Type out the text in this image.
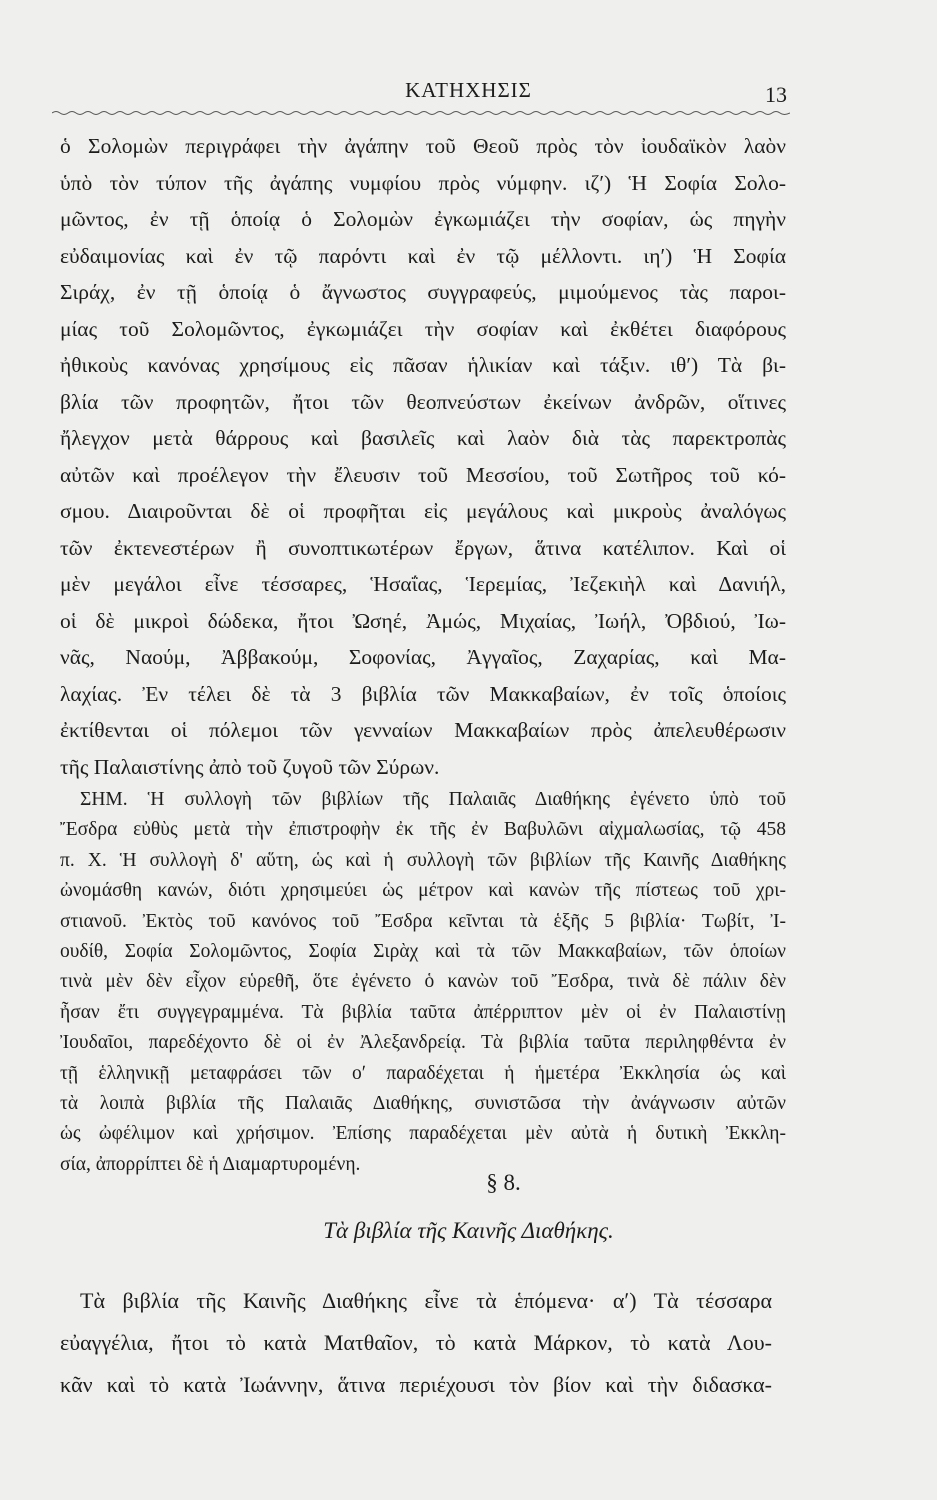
ΚΑΤΗΧΗΣΙΣ	13
ὁ Σολομὼν περιγράφει τὴν ἀγάπην τοῦ Θεοῦ πρὸς τὸν ἰουδαϊκὸν λαὸν
ὑπὸ τὸν τύπον τῆς ἀγάπης νυμφίου πρὸς νύμφην. ιζʹ) Ἡ Σοφία Σολο-
μῶντος, ἐν τῇ ὁποίᾳ ὁ Σολομὼν ἐγκωμιάζει τὴν σοφίαν, ὡς πηγὴν
εὐδαιμονίας καὶ ἐν τῷ παρόντι καὶ ἐν τῷ μέλλοντι. ιηʹ) Ἡ Σοφία
Σιράχ, ἐν τῇ ὁποίᾳ ὁ ἄγνωστος συγγραφεύς, μιμούμενος τὰς παροι-
μίας τοῦ Σολομῶντος, ἐγκωμιάζει τὴν σοφίαν καὶ ἐκθέτει διαφόρους
ἠθικοὺς κανόνας χρησίμους εἰς πᾶσαν ἡλικίαν καὶ τάξιν. ιθʹ) Τὰ βι-
βλία τῶν προφητῶν, ἤτοι τῶν θεοπνεύστων ἐκείνων ἀνδρῶν, οἵτινες
ἤλεγχον μετὰ θάρρους καὶ βασιλεῖς καὶ λαὸν διὰ τὰς παρεκτροπὰς
αὐτῶν καὶ προέλεγον τὴν ἔλευσιν τοῦ Μεσσίου, τοῦ Σωτῆρος τοῦ κό-
σμου. Διαιροῦνται δὲ οἱ προφῆται εἰς μεγάλους καὶ μικροὺς ἀναλόγως
τῶν ἐκτενεστέρων ἢ συνοπτικωτέρων ἔργων, ἅτινα κατέλιπον. Καὶ οἱ
μὲν μεγάλοι εἶνε τέσσαρες, Ἡσαΐας, Ἱερεμίας, Ἰεζεκιὴλ καὶ Δανιήλ,
οἱ δὲ μικροὶ δώδεκα, ἤτοι Ὠσηέ, Ἀμώς, Μιχαίας, Ἰωήλ, Ὀβδιού, Ἰω-
νᾶς, Ναούμ, Ἀββακούμ, Σοφονίας, Ἀγγαῖος, Ζαχαρίας, καὶ Μα-
λαχίας. Ἐν τέλει δὲ τὰ 3 βιβλία τῶν Μακκαβαίων, ἐν τοῖς ὁποίοις
ἐκτίθενται οἱ πόλεμοι τῶν γενναίων Μακκαβαίων πρὸς ἀπελευθέρωσιν
τῆς Παλαιστίνης ἀπὸ τοῦ ζυγοῦ τῶν Σύρων.
ΣΗΜ. Ἡ συλλογὴ τῶν βιβλίων τῆς Παλαιᾶς Διαθήκης ἐγένετο ὑπὸ τοῦ
Ἔσδρα εὐθὺς μετὰ τὴν ἐπιστροφὴν ἐκ τῆς ἐν Βαβυλῶνι αἰχμαλωσίας, τῷ 458
π. Χ. Ἡ συλλογὴ δ' αὕτη, ὡς καὶ ἡ συλλογὴ τῶν βιβλίων τῆς Καινῆς Διαθήκης
ὠνομάσθη κανών, διότι χρησιμεύει ὡς μέτρον καὶ κανὼν τῆς πίστεως τοῦ χρι-
στιανοῦ. Ἐκτὸς τοῦ κανόνος τοῦ Ἔσδρα κεῖνται τὰ ἑξῆς 5 βιβλία· Τωβίτ, Ἰ-
ουδίθ, Σοφία Σολομῶντος, Σοφία Σιρὰχ καὶ τὰ τῶν Μακκαβαίων, τῶν ὁποίων
τινὰ μὲν δὲν εἶχον εὑρεθῆ, ὅτε ἐγένετο ὁ κανὼν τοῦ Ἔσδρα, τινὰ δὲ πάλιν δὲν
ἦσαν ἔτι συγγεγραμμένα. Τὰ βιβλία ταῦτα ἀπέρριπτον μὲν οἱ ἐν Παλαιστίνῃ
Ἰουδαῖοι, παρεδέχοντο δὲ οἱ ἐν Ἀλεξανδρείᾳ. Τὰ βιβλία ταῦτα περιληφθέντα ἐν
τῇ ἑλληνικῇ μεταφράσει τῶν οʹ παραδέχεται ἡ ἡμετέρα Ἐκκλησία ὡς καὶ
τὰ λοιπὰ βιβλία τῆς Παλαιᾶς Διαθήκης, συνιστῶσα τὴν ἀνάγνωσιν αὐτῶν
ὡς ὠφέλιμον καὶ χρήσιμον. Ἐπίσης παραδέχεται μὲν αὐτὰ ἡ δυτικὴ Ἐκκλη-
σία, ἀπορρίπτει δὲ ἡ Διαμαρτυρομένη.
§ 8.
Τὰ βιβλία τῆς Καινῆς Διαθήκης.
Τὰ βιβλία τῆς Καινῆς Διαθήκης εἶνε τὰ ἑπόμενα· αʹ) Τὰ τέσσαρα
εὐαγγέλια, ἤτοι τὸ κατὰ Ματθαῖον, τὸ κατὰ Μάρκον, τὸ κατὰ Λου-
κᾶν καὶ τὸ κατὰ Ἰωάννην, ἅτινα περιέχουσι τὸν βίον καὶ τὴν διδασκα-
